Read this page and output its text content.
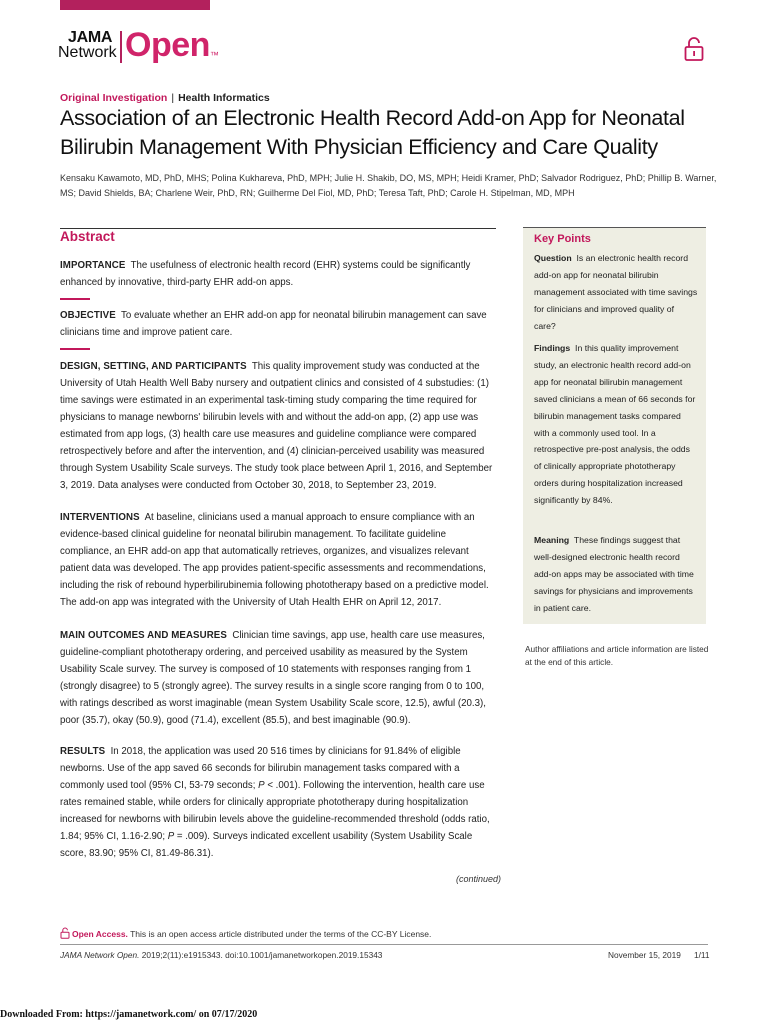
JAMA
Network Open™
Original Investigation | Health Informatics
Association of an Electronic Health Record Add-on App for Neonatal Bilirubin Management With Physician Efficiency and Care Quality

Kensaku Kawamoto, MD, PhD, MHS; Polina Kukhareva, PhD, MPH; Julie H. Shakib, DO, MS, MPH; Heidi Kramer, PhD; Salvador Rodriguez, PhD; Phillip B. Warner, MS; David Shields, BA; Charlene Weir, PhD, RN; Guilherme Del Fiol, MD, PhD; Teresa Taft, PhD; Carole H. Stipelman, MD, MPH

Abstract

IMPORTANCE The usefulness of electronic health record (EHR) systems could be significantly enhanced by innovative, third-party EHR add-on apps.

OBJECTIVE To evaluate whether an EHR add-on app for neonatal bilirubin management can save clinicians time and improve patient care.

DESIGN, SETTING, AND PARTICIPANTS This quality improvement study was conducted at the University of Utah Health Well Baby nursery and outpatient clinics and consisted of 4 substudies: (1) time savings were estimated in an experimental task-timing study comparing the time required for physicians to manage newborns' bilirubin levels with and without the add-on app, (2) app use was estimated from app logs, (3) health care use measures and guideline compliance were compared retrospectively before and after the intervention, and (4) clinician-perceived usability was measured through System Usability Scale surveys. The study took place between April 1, 2016, and September 3, 2019. Data analyses were conducted from October 30, 2018, to September 23, 2019.

INTERVENTIONS At baseline, clinicians used a manual approach to ensure compliance with an evidence-based clinical guideline for neonatal bilirubin management. To facilitate guideline compliance, an EHR add-on app that automatically retrieves, organizes, and visualizes relevant patient data was developed. The app provides patient-specific assessments and recommendations, including the risk of rebound hyperbilirubinemia following phototherapy based on a predictive model. The add-on app was integrated with the University of Utah Health EHR on April 12, 2017.

MAIN OUTCOMES AND MEASURES Clinician time savings, app use, health care use measures, guideline-compliant phototherapy ordering, and perceived usability as measured by the System Usability Scale survey. The survey is composed of 10 statements with responses ranging from 1 (strongly disagree) to 5 (strongly agree). The survey results in a single score ranging from 0 to 100, with ratings described as worst imaginable (mean System Usability Scale score, 12.5), awful (20.3), poor (35.7), okay (50.9), good (71.4), excellent (85.5), and best imaginable (90.9).

RESULTS In 2018, the application was used 20 516 times by clinicians for 91.84% of eligible newborns. Use of the app saved 66 seconds for bilirubin management tasks compared with a commonly used tool (95% CI, 53-79 seconds; P < .001). Following the intervention, health care use rates remained stable, while orders for clinically appropriate phototherapy during hospitalization increased for newborns with bilirubin levels above the guideline-recommended threshold (odds ratio, 1.84; 95% CI, 1.16-2.90; P = .009). Surveys indicated excellent usability (System Usability Scale score, 83.90; 95% CI, 81.49-86.31).

(continued)
Key Points

Question Is an electronic health record add-on app for neonatal bilirubin management associated with time savings for clinicians and improved quality of care?

Findings In this quality improvement study, an electronic health record add-on app for neonatal bilirubin management saved clinicians a mean of 66 seconds for bilirubin management tasks compared with a commonly used tool. In a retrospective pre-post analysis, the odds of clinically appropriate phototherapy orders during hospitalization increased significantly by 84%.

Meaning These findings suggest that well-designed electronic health record add-on apps may be associated with time savings for physicians and improvements in patient care.

Author affiliations and article information are listed at the end of this article.

Open Access. This is an open access article distributed under the terms of the CC-BY License.
JAMA Network Open. 2019;2(11):e1915343. doi:10.1001/jamanetworkopen.2019.15343	November 15, 2019 1/11
Downloaded From: https://jamanetwork.com/ on 07/17/2020
